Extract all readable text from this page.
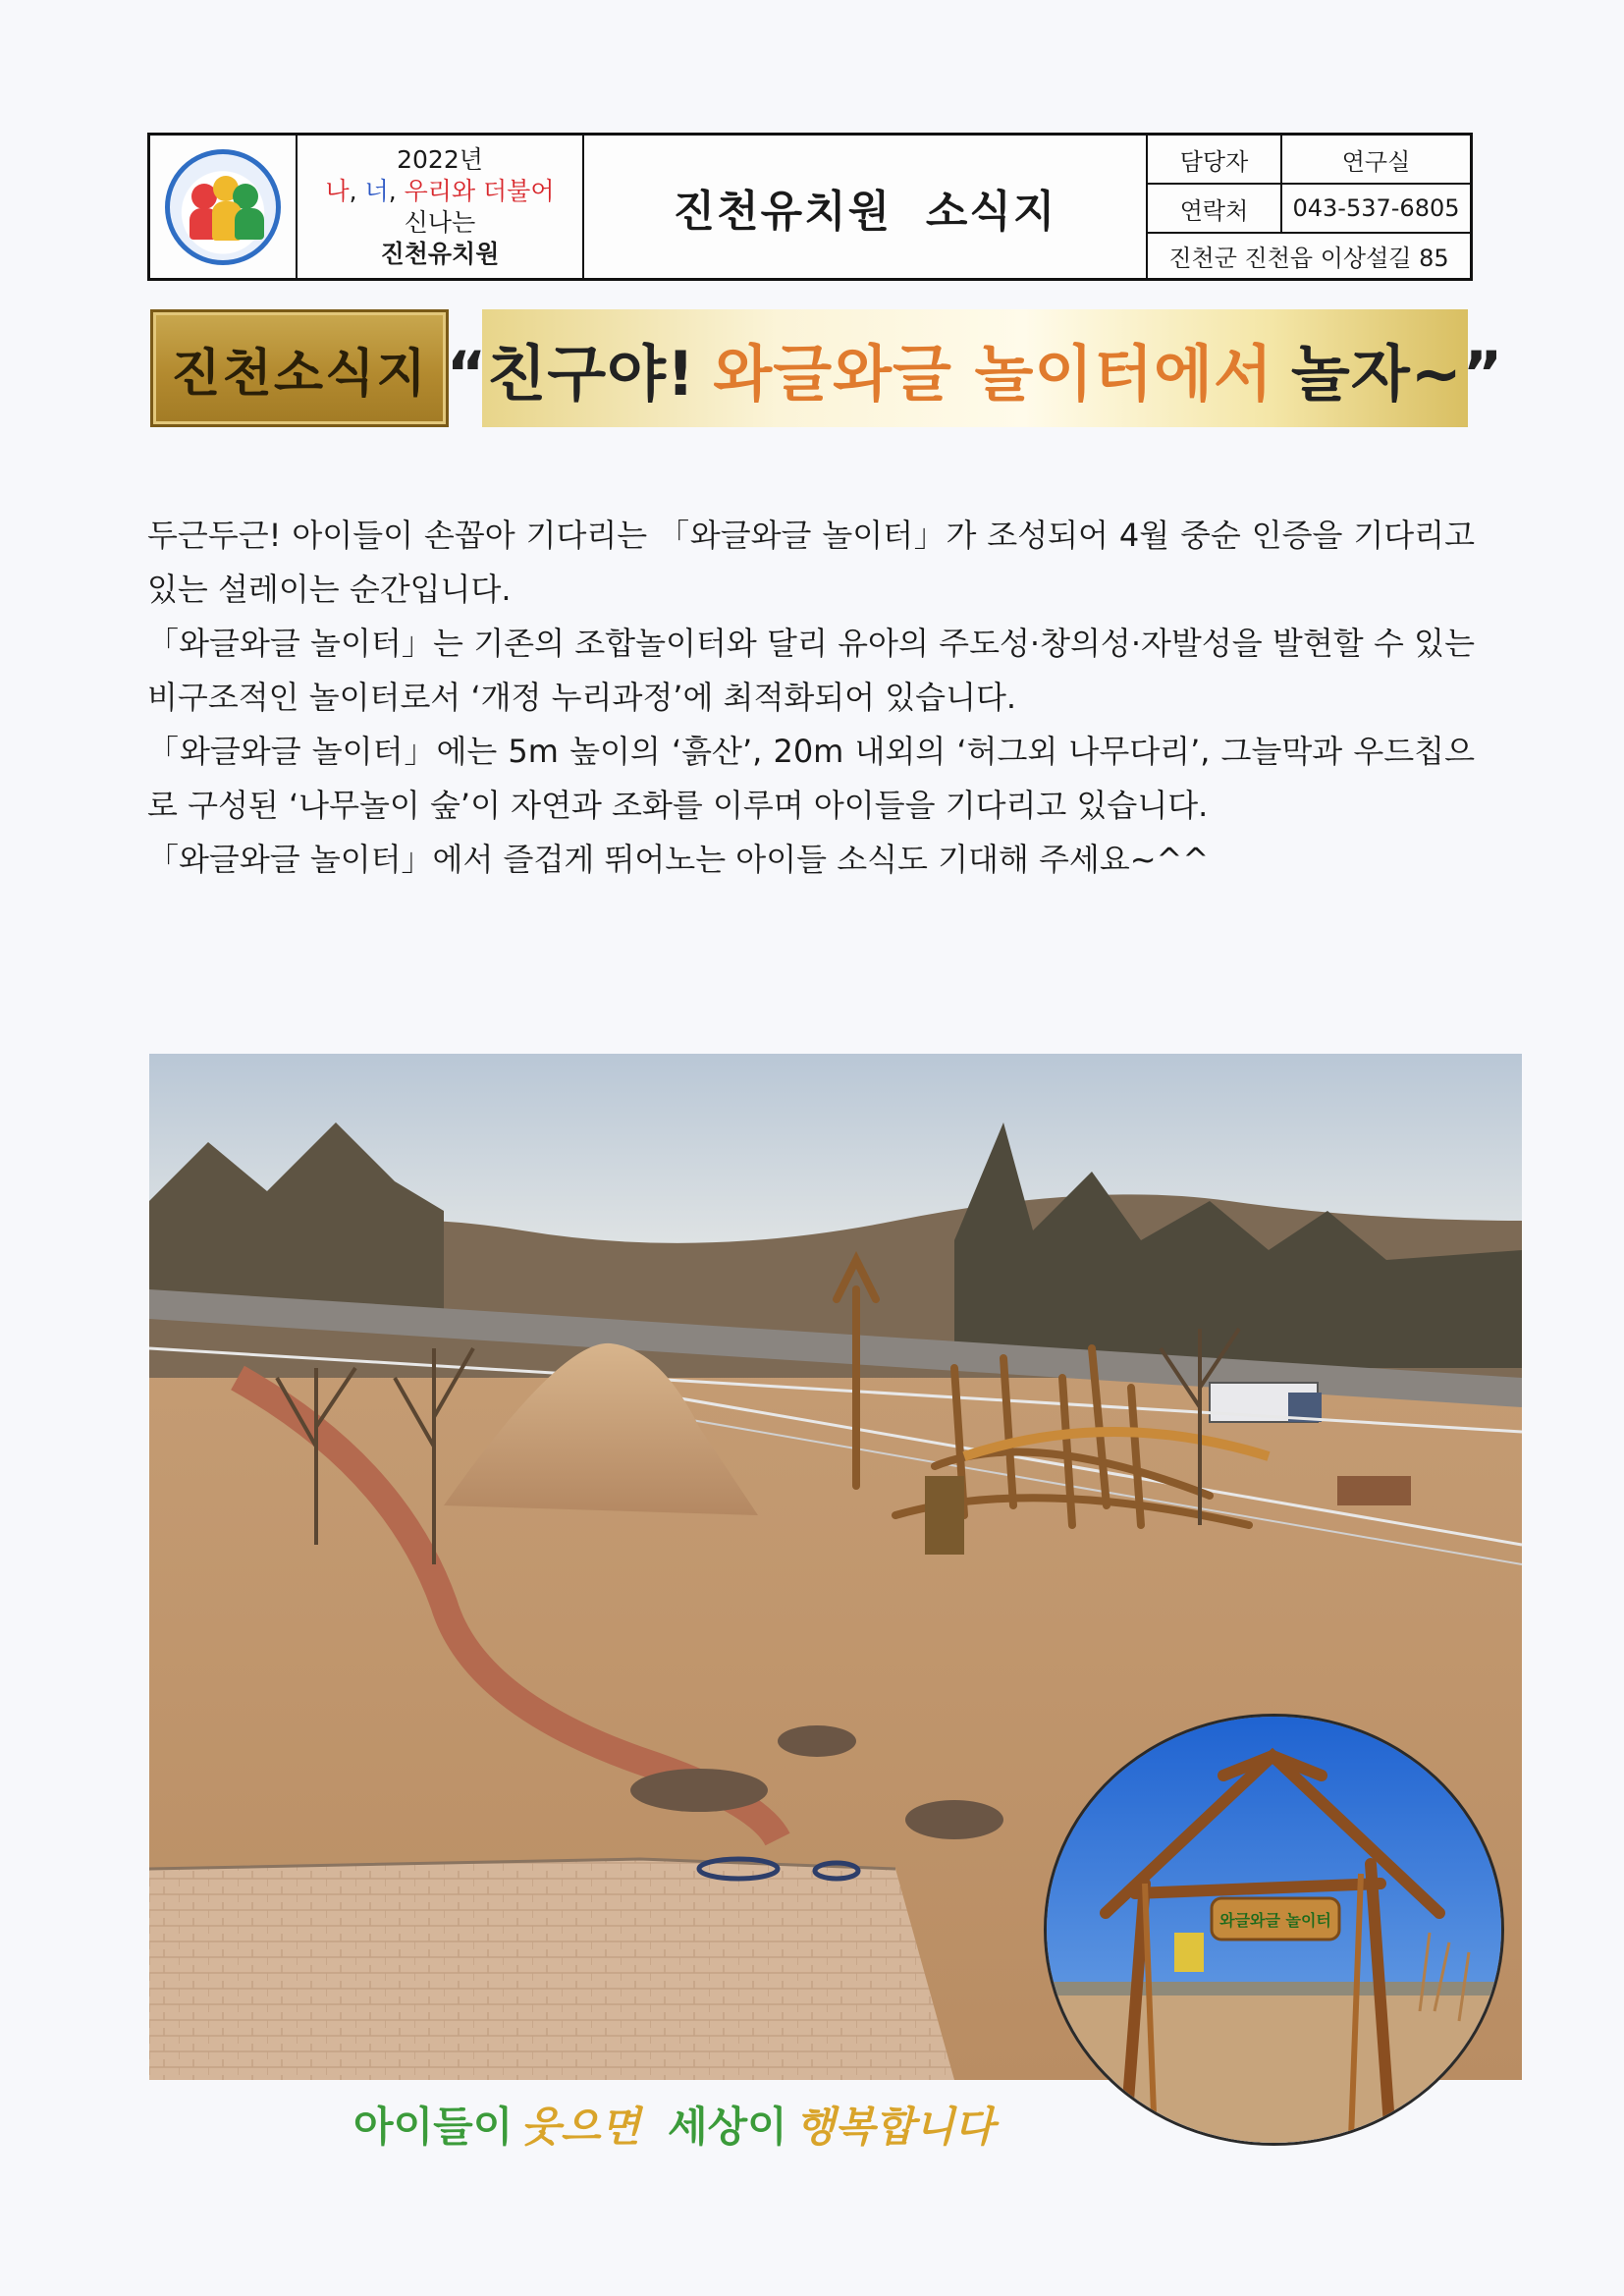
2022년
나, 너, 우리와 더불어
신나는
진천유치원
진천유치원  소식지
담당자	연구실
연락처	043-537-6805
진천군 진천읍 이상설길 85
진천소식지 “친구야! 와글와글 놀이터에서 놀자~”

두근두근! 아이들이 손꼽아 기다리는 「와글와글 놀이터」가 조성되어 4월 중순 인증을 기다리고 있는 설레이는 순간입니다.

「와글와글 놀이터」는 기존의 조합놀이터와 달리 유아의 주도성·창의성·자발성을 발현할 수 있는 비구조적인 놀이터로서 ‘개정 누리과정’에 최적화되어 있습니다.

「와글와글 놀이터」에는 5m 높이의 ‘흙산’, 20m 내외의 ‘허그외 나무다리’, 그늘막과 우드칩으로 구성된 ‘나무놀이 숲’이 자연과 조화를 이루며 아이들을 기다리고 있습니다.

「와글와글 놀이터」에서 즐겁게 뛰어노는 아이들 소식도 기대해 주세요~^^

와글와글 놀이터
아이들이 웃으면 세상이 행복합니다
